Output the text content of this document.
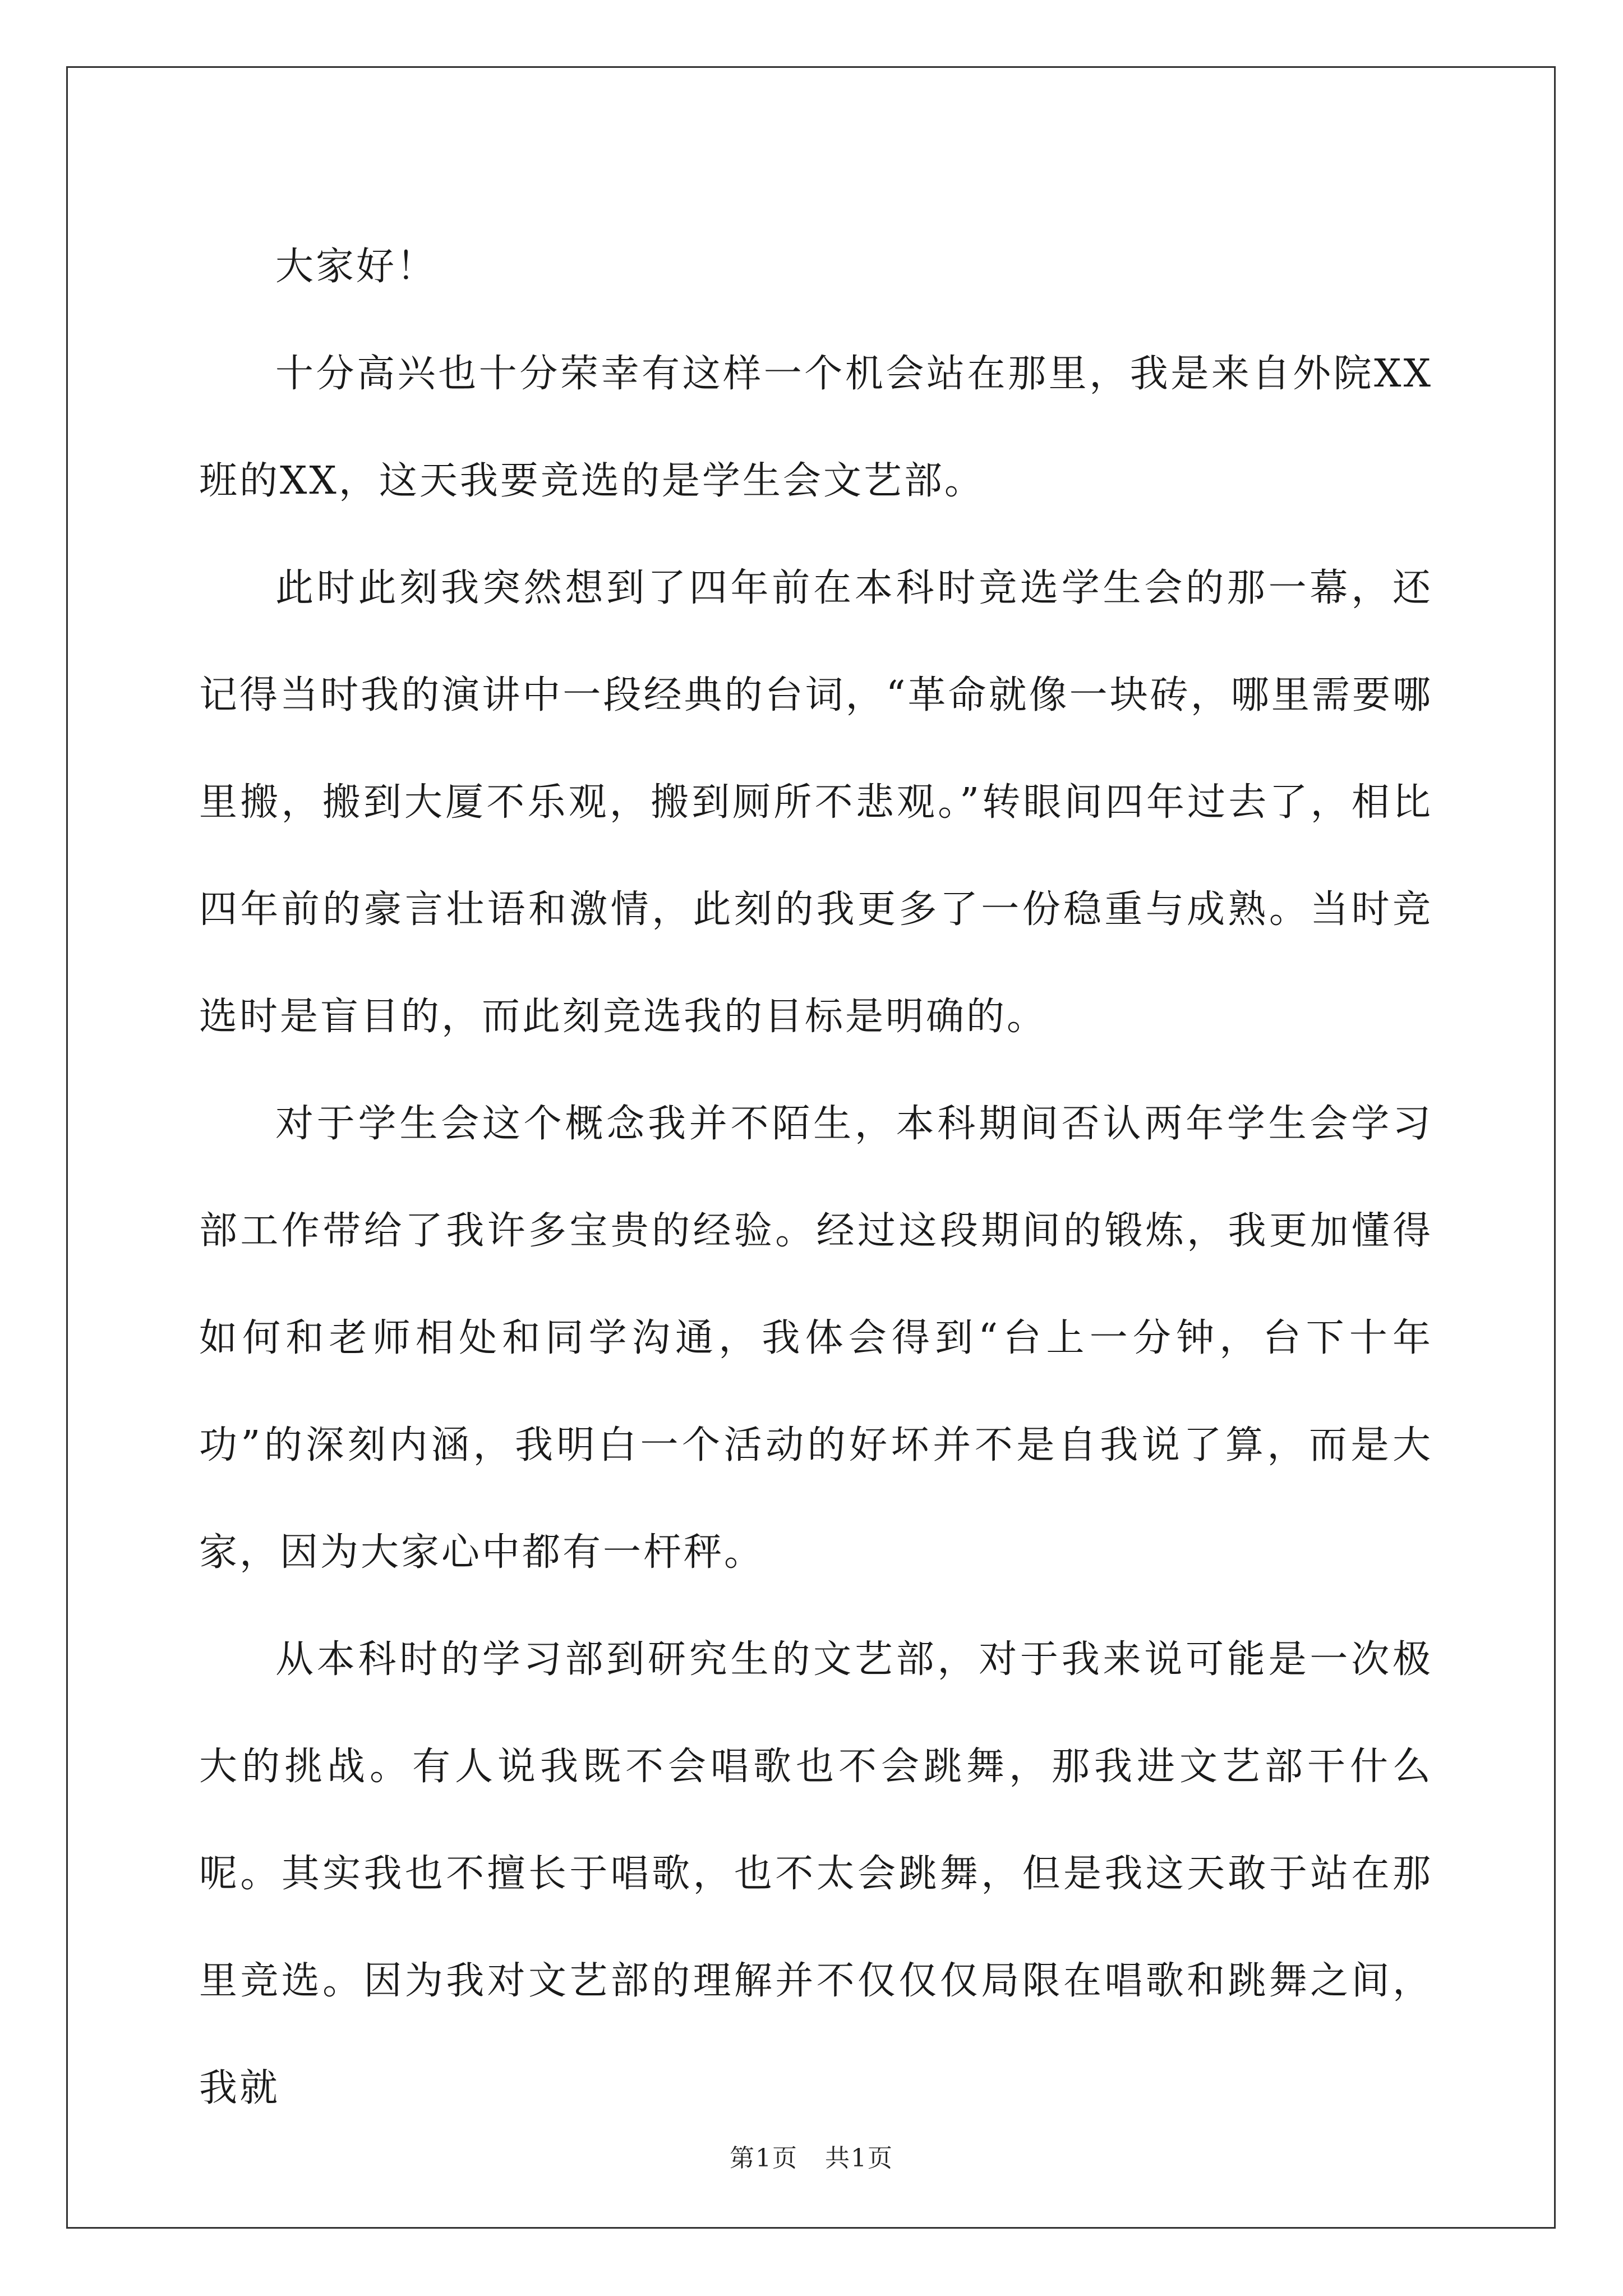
大家好！

十分高兴也十分荣幸有这样一个机会站在那里，我是来自外院XX班的XX，这天我要竞选的是学生会文艺部。

此时此刻我突然想到了四年前在本科时竞选学生会的那一幕，还记得当时我的演讲中一段经典的台词，“革命就像一块砖，哪里需要哪里搬，搬到大厦不乐观，搬到厕所不悲观。”转眼间四年过去了，相比四年前的豪言壮语和激情，此刻的我更多了一份稳重与成熟。当时竞选时是盲目的，而此刻竞选我的目标是明确的。

对于学生会这个概念我并不陌生，本科期间否认两年学生会学习部工作带给了我许多宝贵的经验。经过这段期间的锻炼，我更加懂得如何和老师相处和同学沟通，我体会得到“台上一分钟，台下十年功”的深刻内涵，我明白一个活动的好坏并不是自我说了算，而是大家，因为大家心中都有一杆秤。

从本科时的学习部到研究生的文艺部，对于我来说可能是一次极大的挑战。有人说我既不会唱歌也不会跳舞，那我进文艺部干什么呢。其实我也不擅长于唱歌，也不太会跳舞，但是我这天敢于站在那里竞选。因为我对文艺部的理解并不仅仅仅局限在唱歌和跳舞之间，我就

第1页 共1页
